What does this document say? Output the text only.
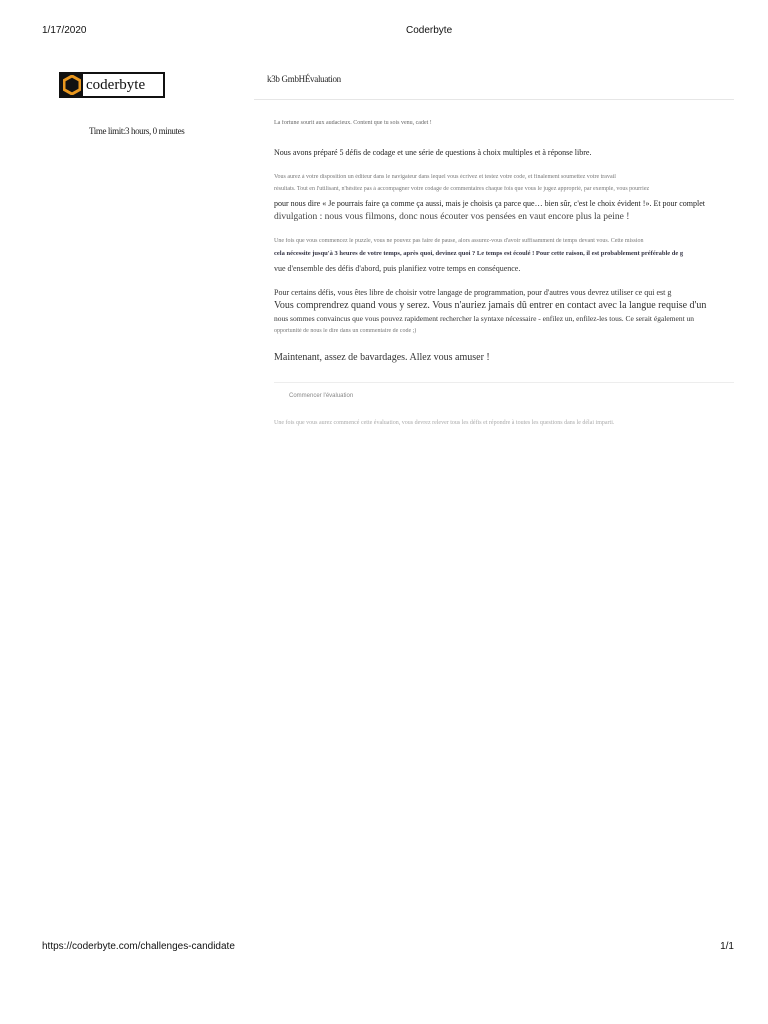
1/17/2020	Coderbyte
coderbyte
Time limit:3 hours, 0 minutes
k3b GmbHÉvaluation

La fortune sourit aux audacieux. Content que tu sois venu, cadet !

Nous avons préparé 5 défis de codage et une série de questions à choix multiples et à réponse libre.

Vous aurez à votre disposition un éditeur dans le navigateur dans lequel vous écrivez et testez votre code, et finalement soumettez votre travail

résultats. Tout en l'utilisant, n'hésitez pas à accompagner votre codage de commentaires chaque fois que vous le jugez approprié, par exemple, vous pourriez

pour nous dire « Je pourrais faire ça comme ça aussi, mais je choisis ça parce que… bien sûr, c'est le choix évident !». Et pour complet

divulgation : nous vous filmons, donc nous écouter vos pensées en vaut encore plus la peine !

Une fois que vous commencez le puzzle, vous ne pouvez pas faire de pause, alors assurez-vous d'avoir suffisamment de temps devant vous. Cette mission

cela nécessite jusqu'à 3 heures de votre temps, après quoi, devinez quoi ? Le temps est écoulé ! Pour cette raison, il est probablement préférable de g

vue d'ensemble des défis d'abord, puis planifiez votre temps en conséquence.

Pour certains défis, vous êtes libre de choisir votre langage de programmation, pour d'autres vous devrez utiliser ce qui est g

Vous comprendrez quand vous y serez. Vous n'auriez jamais dû entrer en contact avec la langue requise d'un

nous sommes convaincus que vous pouvez rapidement rechercher la syntaxe nécessaire - enfilez un, enfilez-les tous. Ce serait également un

opportunité de nous le dire dans un commentaire de code ;)

Maintenant, assez de bavardages. Allez vous amuser !

Commencer l'évaluation
Une fois que vous aurez commencé cette évaluation, vous devrez relever tous les défis et répondre à toutes les questions dans le délai imparti.
https://coderbyte.com/challenges-candidate	1/1
